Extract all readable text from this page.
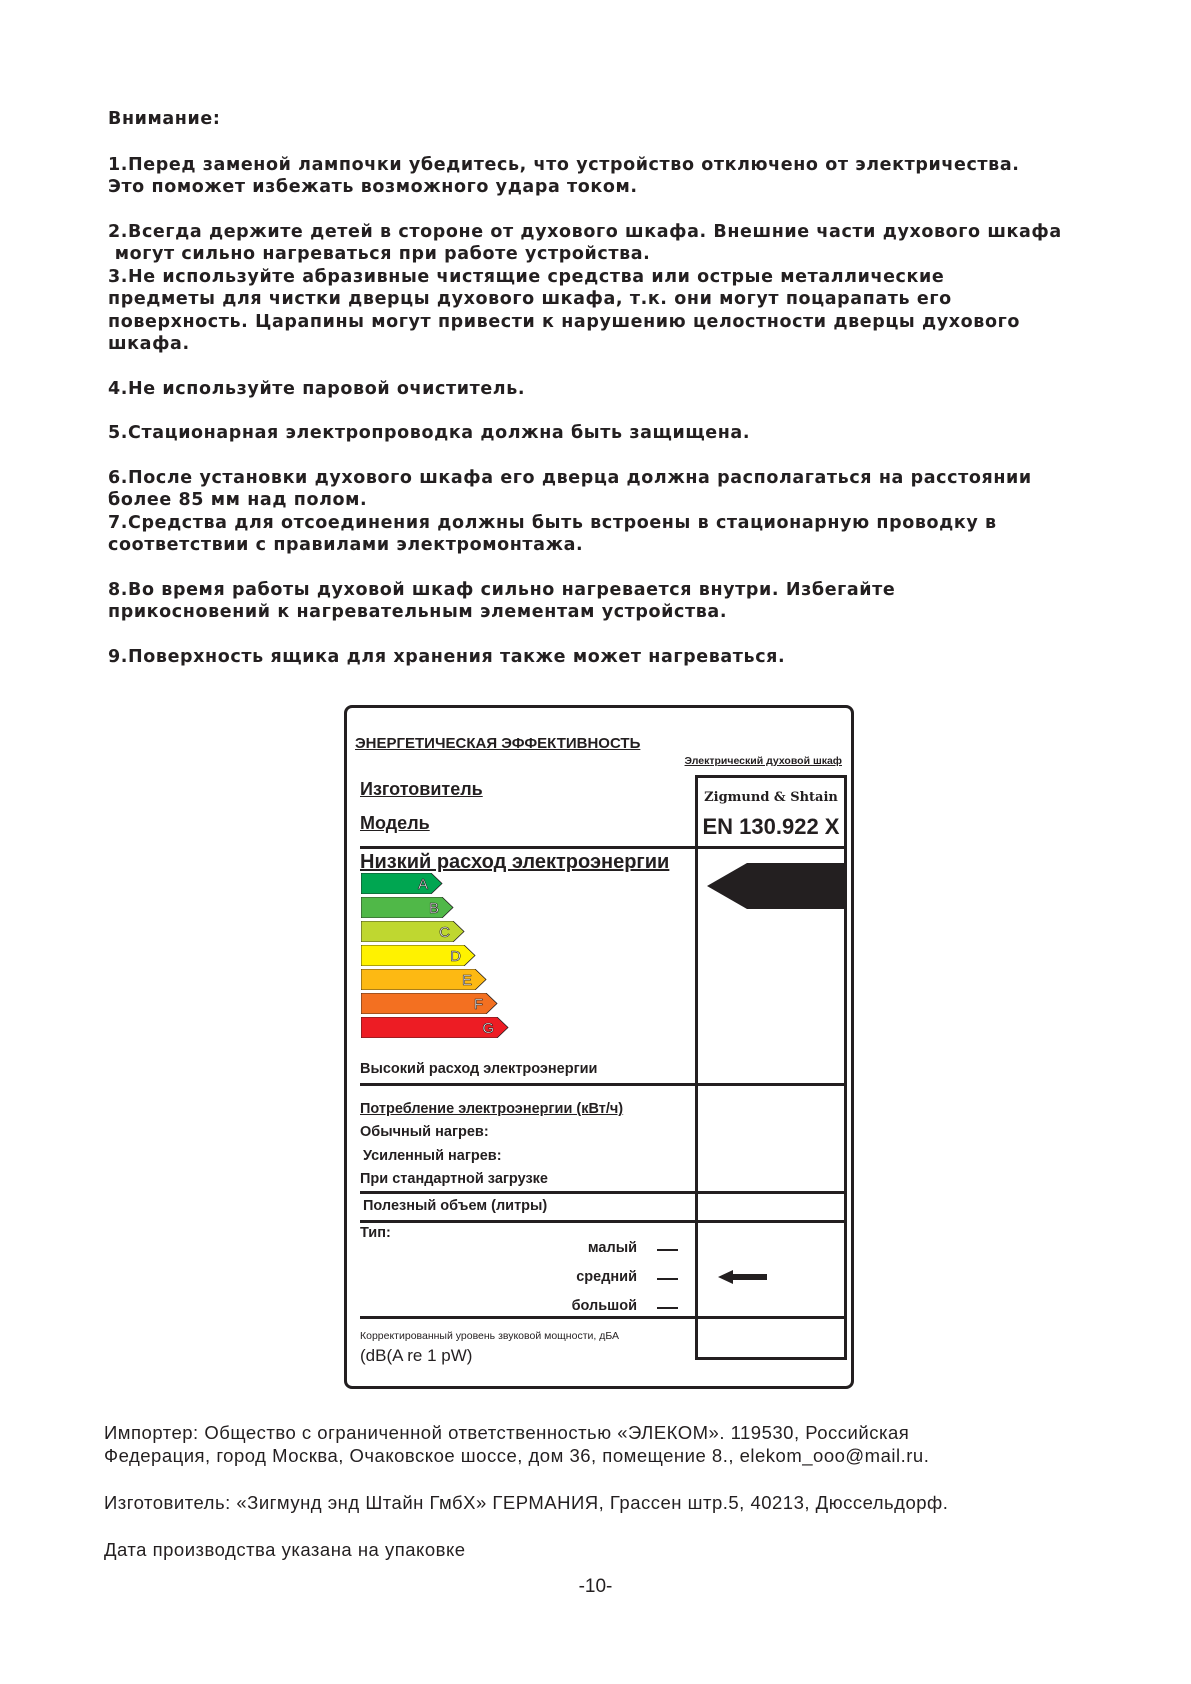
Внимание:

1.Перед заменой лампочки убедитесь, что устройство отключено от электричества.

Это поможет избежать возможного удара током.

2.Всегда держите детей в стороне от духового шкафа. Внешние части духового шкафа

могут сильно нагреваться при работе устройства.

3.Не используйте абразивные чистящие средства или острые металлические

предметы для чистки дверцы духового шкафа, т.к. они могут поцарапать его

поверхность. Царапины могут привести к нарушению целостности дверцы духового

шкафа.

4.Не используйте паровой очиститель.

5.Стационарная электропроводка должна быть защищена.

6.После установки духового шкафа его дверца должна располагаться на расстоянии

более 85 мм над полом.

7.Средства для отсоединения должны быть встроены в стационарную проводку в

соответствии с правилами электромонтажа.

8.Во время работы духовой шкаф сильно нагревается внутри. Избегайте

прикосновений к нагревательным элементам устройства.

9.Поверхность ящика для хранения также может нагреваться.

ЭНЕРГЕТИЧЕСКАЯ ЭФФЕКТИВНОСТЬ
Электрический духовой шкаф
Изготовитель
Модель
Zigmund & Shtain
EN 130.922 X
Низкий расход электроэнергии
A
B
C
D
E
F
G
Высокий расход электроэнергии
Потребление электроэнергии (кВт/ч)
Обычный нагрев:
Усиленный нагрев:
При стандартной загрузке
Полезный объем (литры)
Тип:
малый
средний
большой
Корректированный уровень звуковой мощности, дБА
(dB(A re 1 pW)
Импортер: Общество с ограниченной ответственностью «ЭЛЕКОМ». 119530, Российская
Федерация, город Москва, Очаковское шоссе, дом 36, помещение 8., elekom_ooo@mail.ru.
Изготовитель: «Зигмунд энд Штайн ГмбХ» ГЕРМАНИЯ, Грассен штр.5, 40213, Дюссельдорф.
Дата производства указана на упаковке
-10-
